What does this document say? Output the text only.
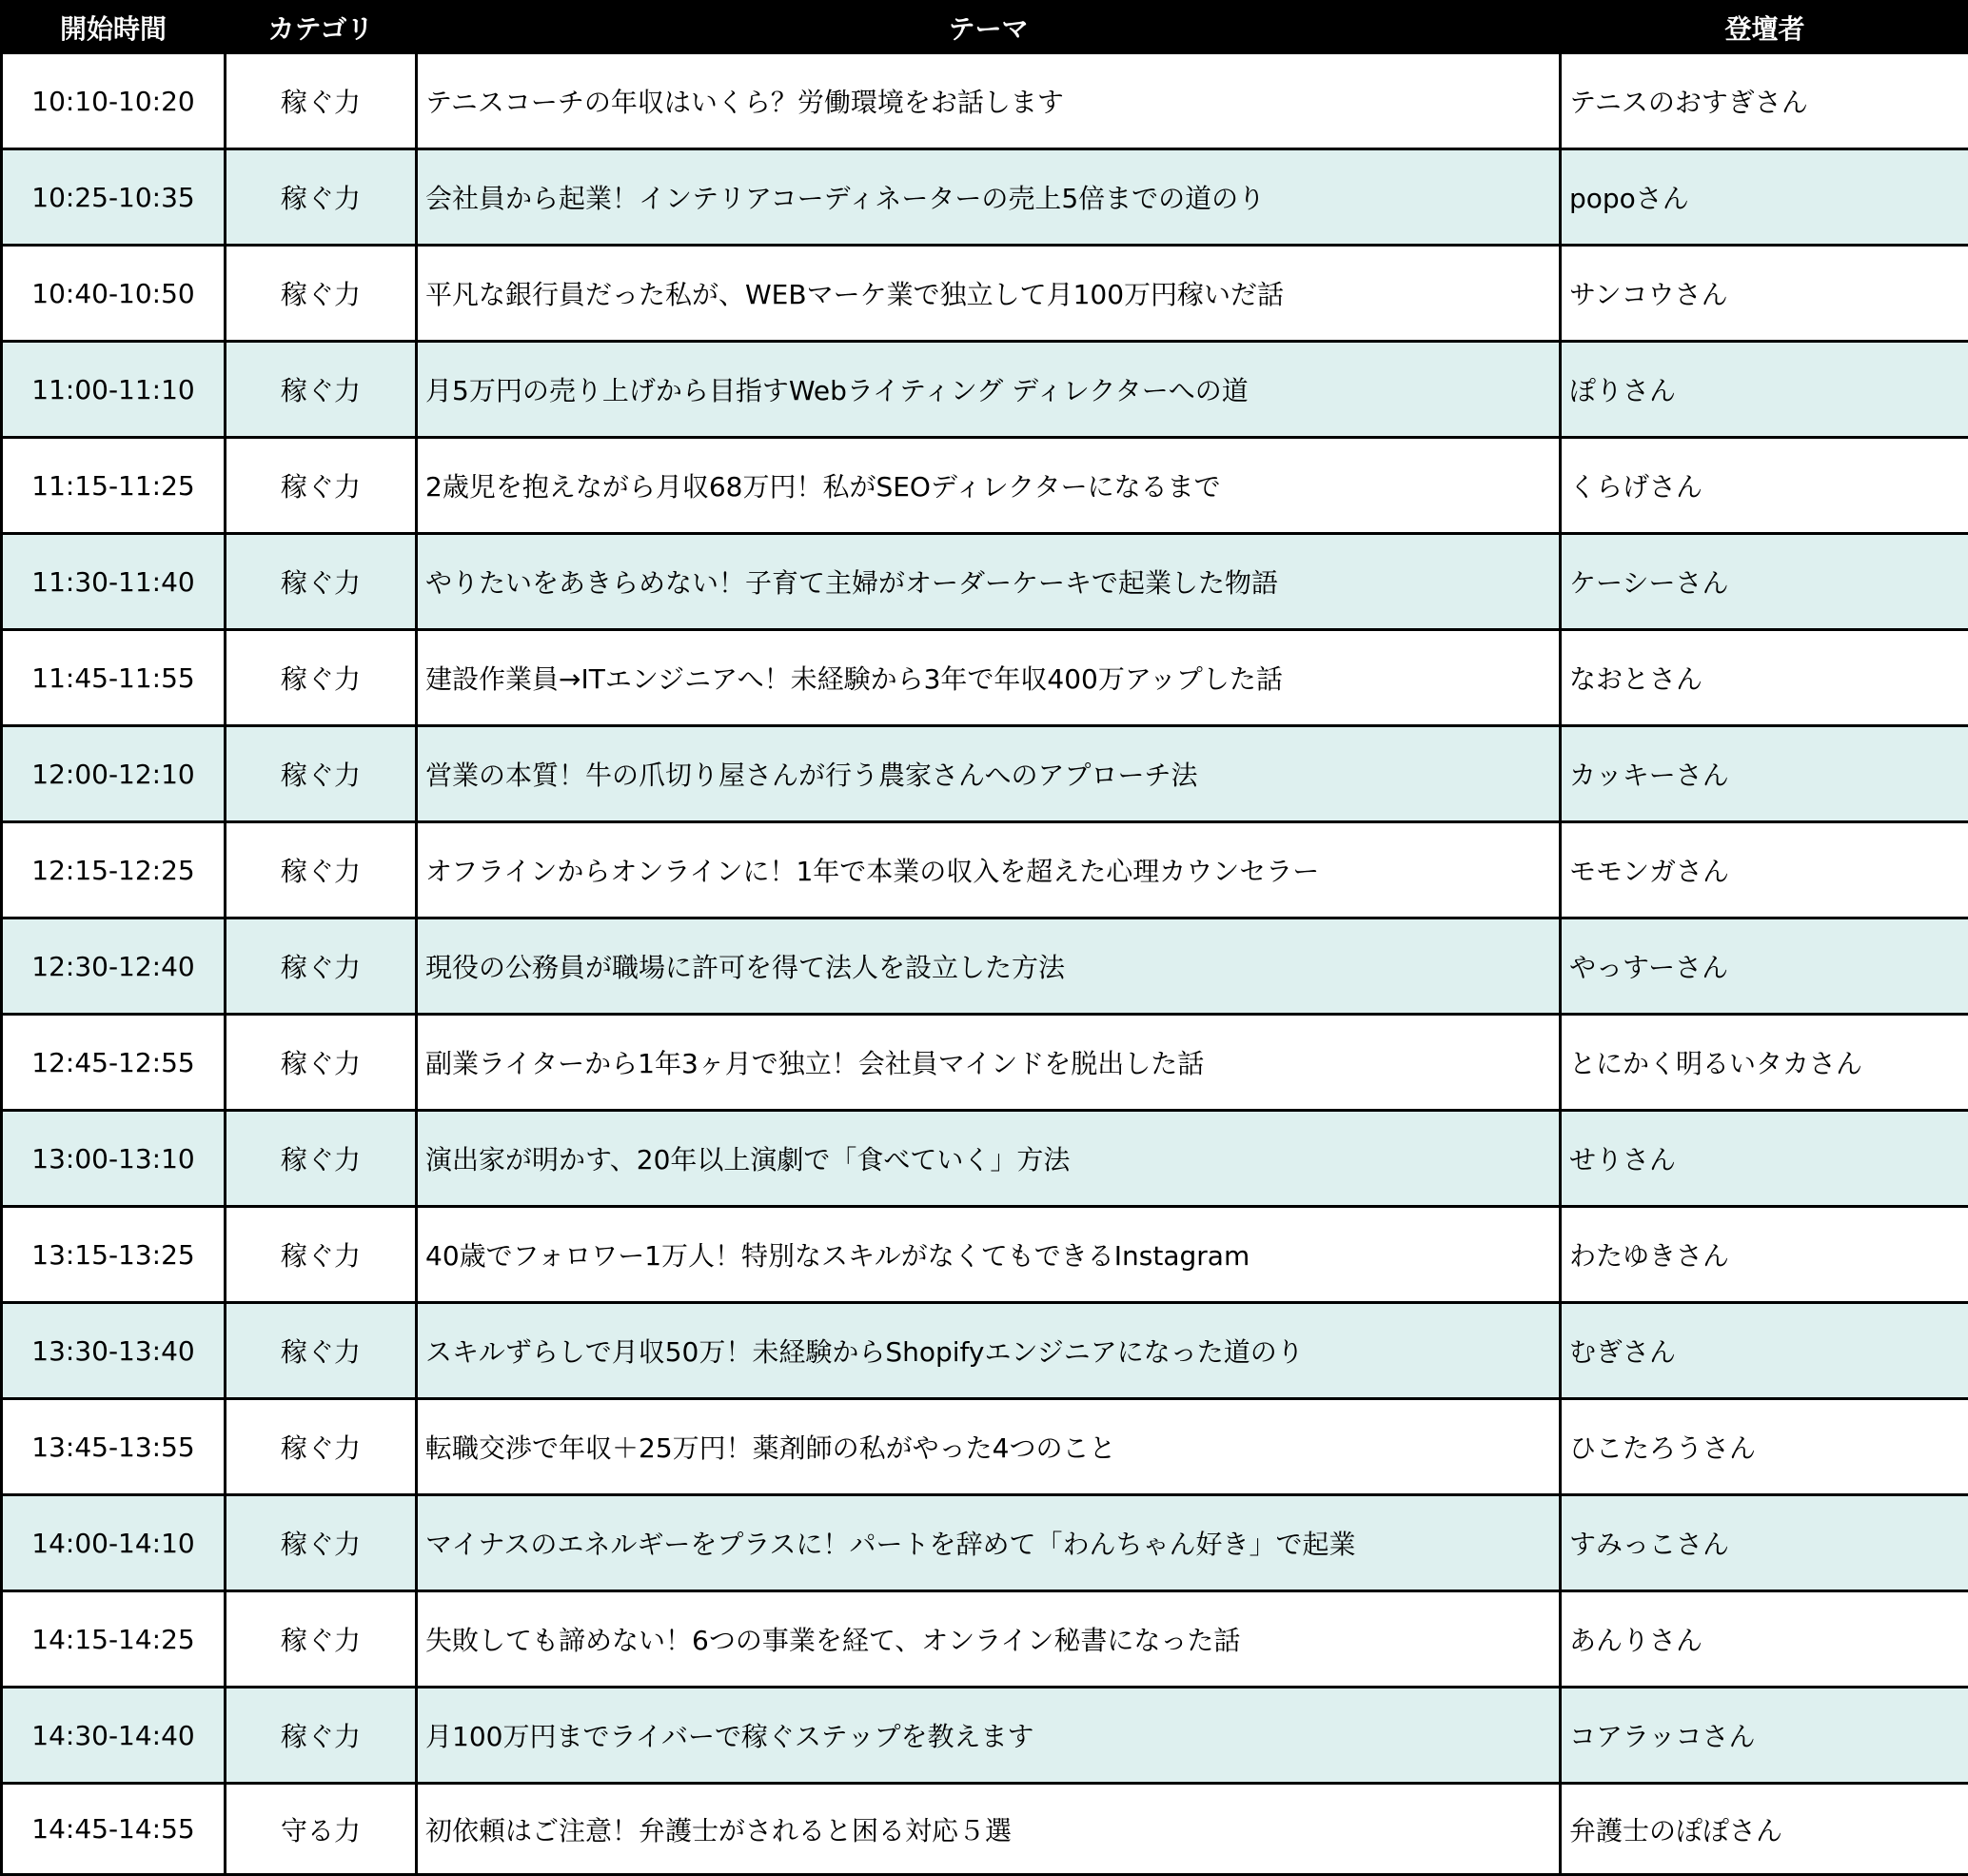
開始時間	カテゴリ	テーマ	登壇者
10:10-10:20	稼ぐ力	テニスコーチの年収はいくら？労働環境をお話します	テニスのおすぎさん
10:25-10:35	稼ぐ力	会社員から起業！インテリアコーディネーターの売上5倍までの道のり	popoさん
10:40-10:50	稼ぐ力	平凡な銀行員だった私が、WEBマーケ業で独立して月100万円稼いだ話	サンコウさん
11:00-11:10	稼ぐ力	月5万円の売り上げから目指すWebライティング ディレクターへの道	ぽりさん
11:15-11:25	稼ぐ力	2歳児を抱えながら月収68万円！私がSEOディレクターになるまで	くらげさん
11:30-11:40	稼ぐ力	やりたいをあきらめない！子育て主婦がオーダーケーキで起業した物語	ケーシーさん
11:45-11:55	稼ぐ力	建設作業員→ITエンジニアへ！未経験から3年で年収400万アップした話	なおとさん
12:00-12:10	稼ぐ力	営業の本質！牛の爪切り屋さんが行う農家さんへのアプローチ法	カッキーさん
12:15-12:25	稼ぐ力	オフラインからオンラインに！1年で本業の収入を超えた心理カウンセラー	モモンガさん
12:30-12:40	稼ぐ力	現役の公務員が職場に許可を得て法人を設立した方法	やっすーさん
12:45-12:55	稼ぐ力	副業ライターから1年3ヶ月で独立！会社員マインドを脱出した話	とにかく明るいタカさん
13:00-13:10	稼ぐ力	演出家が明かす、20年以上演劇で「食べていく」方法	せりさん
13:15-13:25	稼ぐ力	40歳でフォロワー1万人！特別なスキルがなくてもできるInstagram	わたゆきさん
13:30-13:40	稼ぐ力	スキルずらしで月収50万！未経験からShopifyエンジニアになった道のり	むぎさん
13:45-13:55	稼ぐ力	転職交渉で年収＋25万円！薬剤師の私がやった4つのこと	ひこたろうさん
14:00-14:10	稼ぐ力	マイナスのエネルギーをプラスに！パートを辞めて「わんちゃん好き」で起業	すみっこさん
14:15-14:25	稼ぐ力	失敗しても諦めない！6つの事業を経て、オンライン秘書になった話	あんりさん
14:30-14:40	稼ぐ力	月100万円までライバーで稼ぐステップを教えます	コアラッコさん
14:45-14:55	守る力	初依頼はご注意！弁護士がされると困る対応５選	弁護士のぽぽさん
